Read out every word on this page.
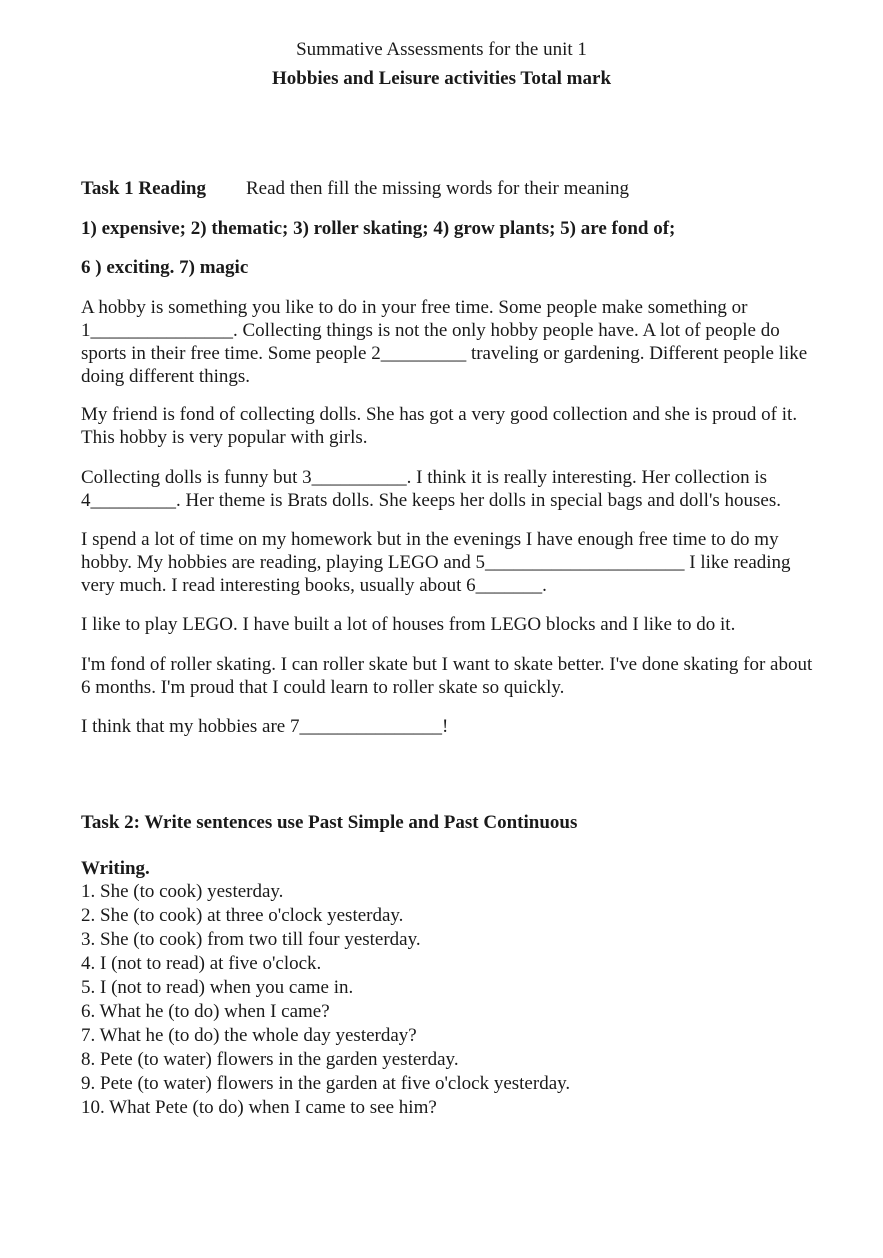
Summative Assessments for the unit 1
Hobbies and Leisure activities Total mark
Task 1 Reading Read then fill the missing words for their meaning
1) expensive; 2) thematic; 3) roller skating; 4) grow plants; 5) are fond of;
6 ) exciting. 7) magic
A hobby is something you like to do in your free time. Some people make something or
1_______________. Collecting things is not the only hobby people have. A lot of people do
sports in their free time. Some people 2_________ traveling or gardening. Different people like
doing different things.
My friend is fond of collecting dolls. She has got a very good collection and she is proud of it.
This hobby is very popular with girls.
Collecting dolls is funny but 3__________. I think it is really interesting. Her collection is
4_________. Her theme is Brats dolls. She keeps her dolls in special bags and doll's houses.
I spend a lot of time on my homework but in the evenings I have enough free time to do my
hobby. My hobbies are reading, playing LEGO and 5_____________________ I like reading
very much. I read interesting books, usually about 6_______.
I like to play LEGO. I have built a lot of houses from LEGO blocks and I like to do it.
I'm fond of roller skating. I can roller skate but I want to skate better. I've done skating for about
6 months. I'm proud that I could learn to roller skate so quickly.
I think that my hobbies are 7_______________!
Task 2: Write sentences use Past Simple and Past Continuous
Writing.
1. She (to cook) yesterday.
2. She (to cook) at three o'clock yesterday.
3. She (to cook) from two till four yesterday.
4. I (not to read) at five o'clock.
5. I (not to read) when you came in.
6. What he (to do) when I came?
7. What he (to do) the whole day yesterday?
8. Pete (to water) flowers in the garden yesterday.
9. Pete (to water) flowers in the garden at five o'clock yesterday.
10. What Pete (to do) when I came to see him?
